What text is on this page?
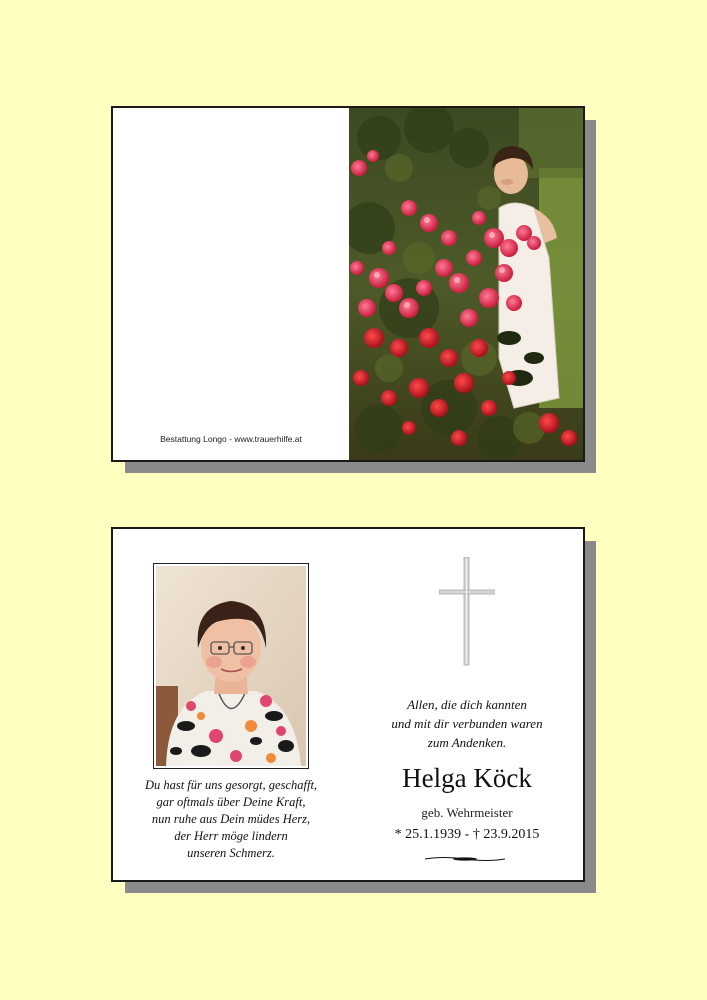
Bestattung Longo - www.trauerhilfe.at
Du hast für uns gesorgt, geschafft,
gar oftmals über Deine Kraft,
nun ruhe aus Dein müdes Herz,
der Herr möge lindern
unseren Schmerz.
Allen, die dich kannten
und mit dir verbunden waren
zum Andenken.
Helga Köck
geb. Wehrmeister
* 25.1.1939 - † 23.9.2015
